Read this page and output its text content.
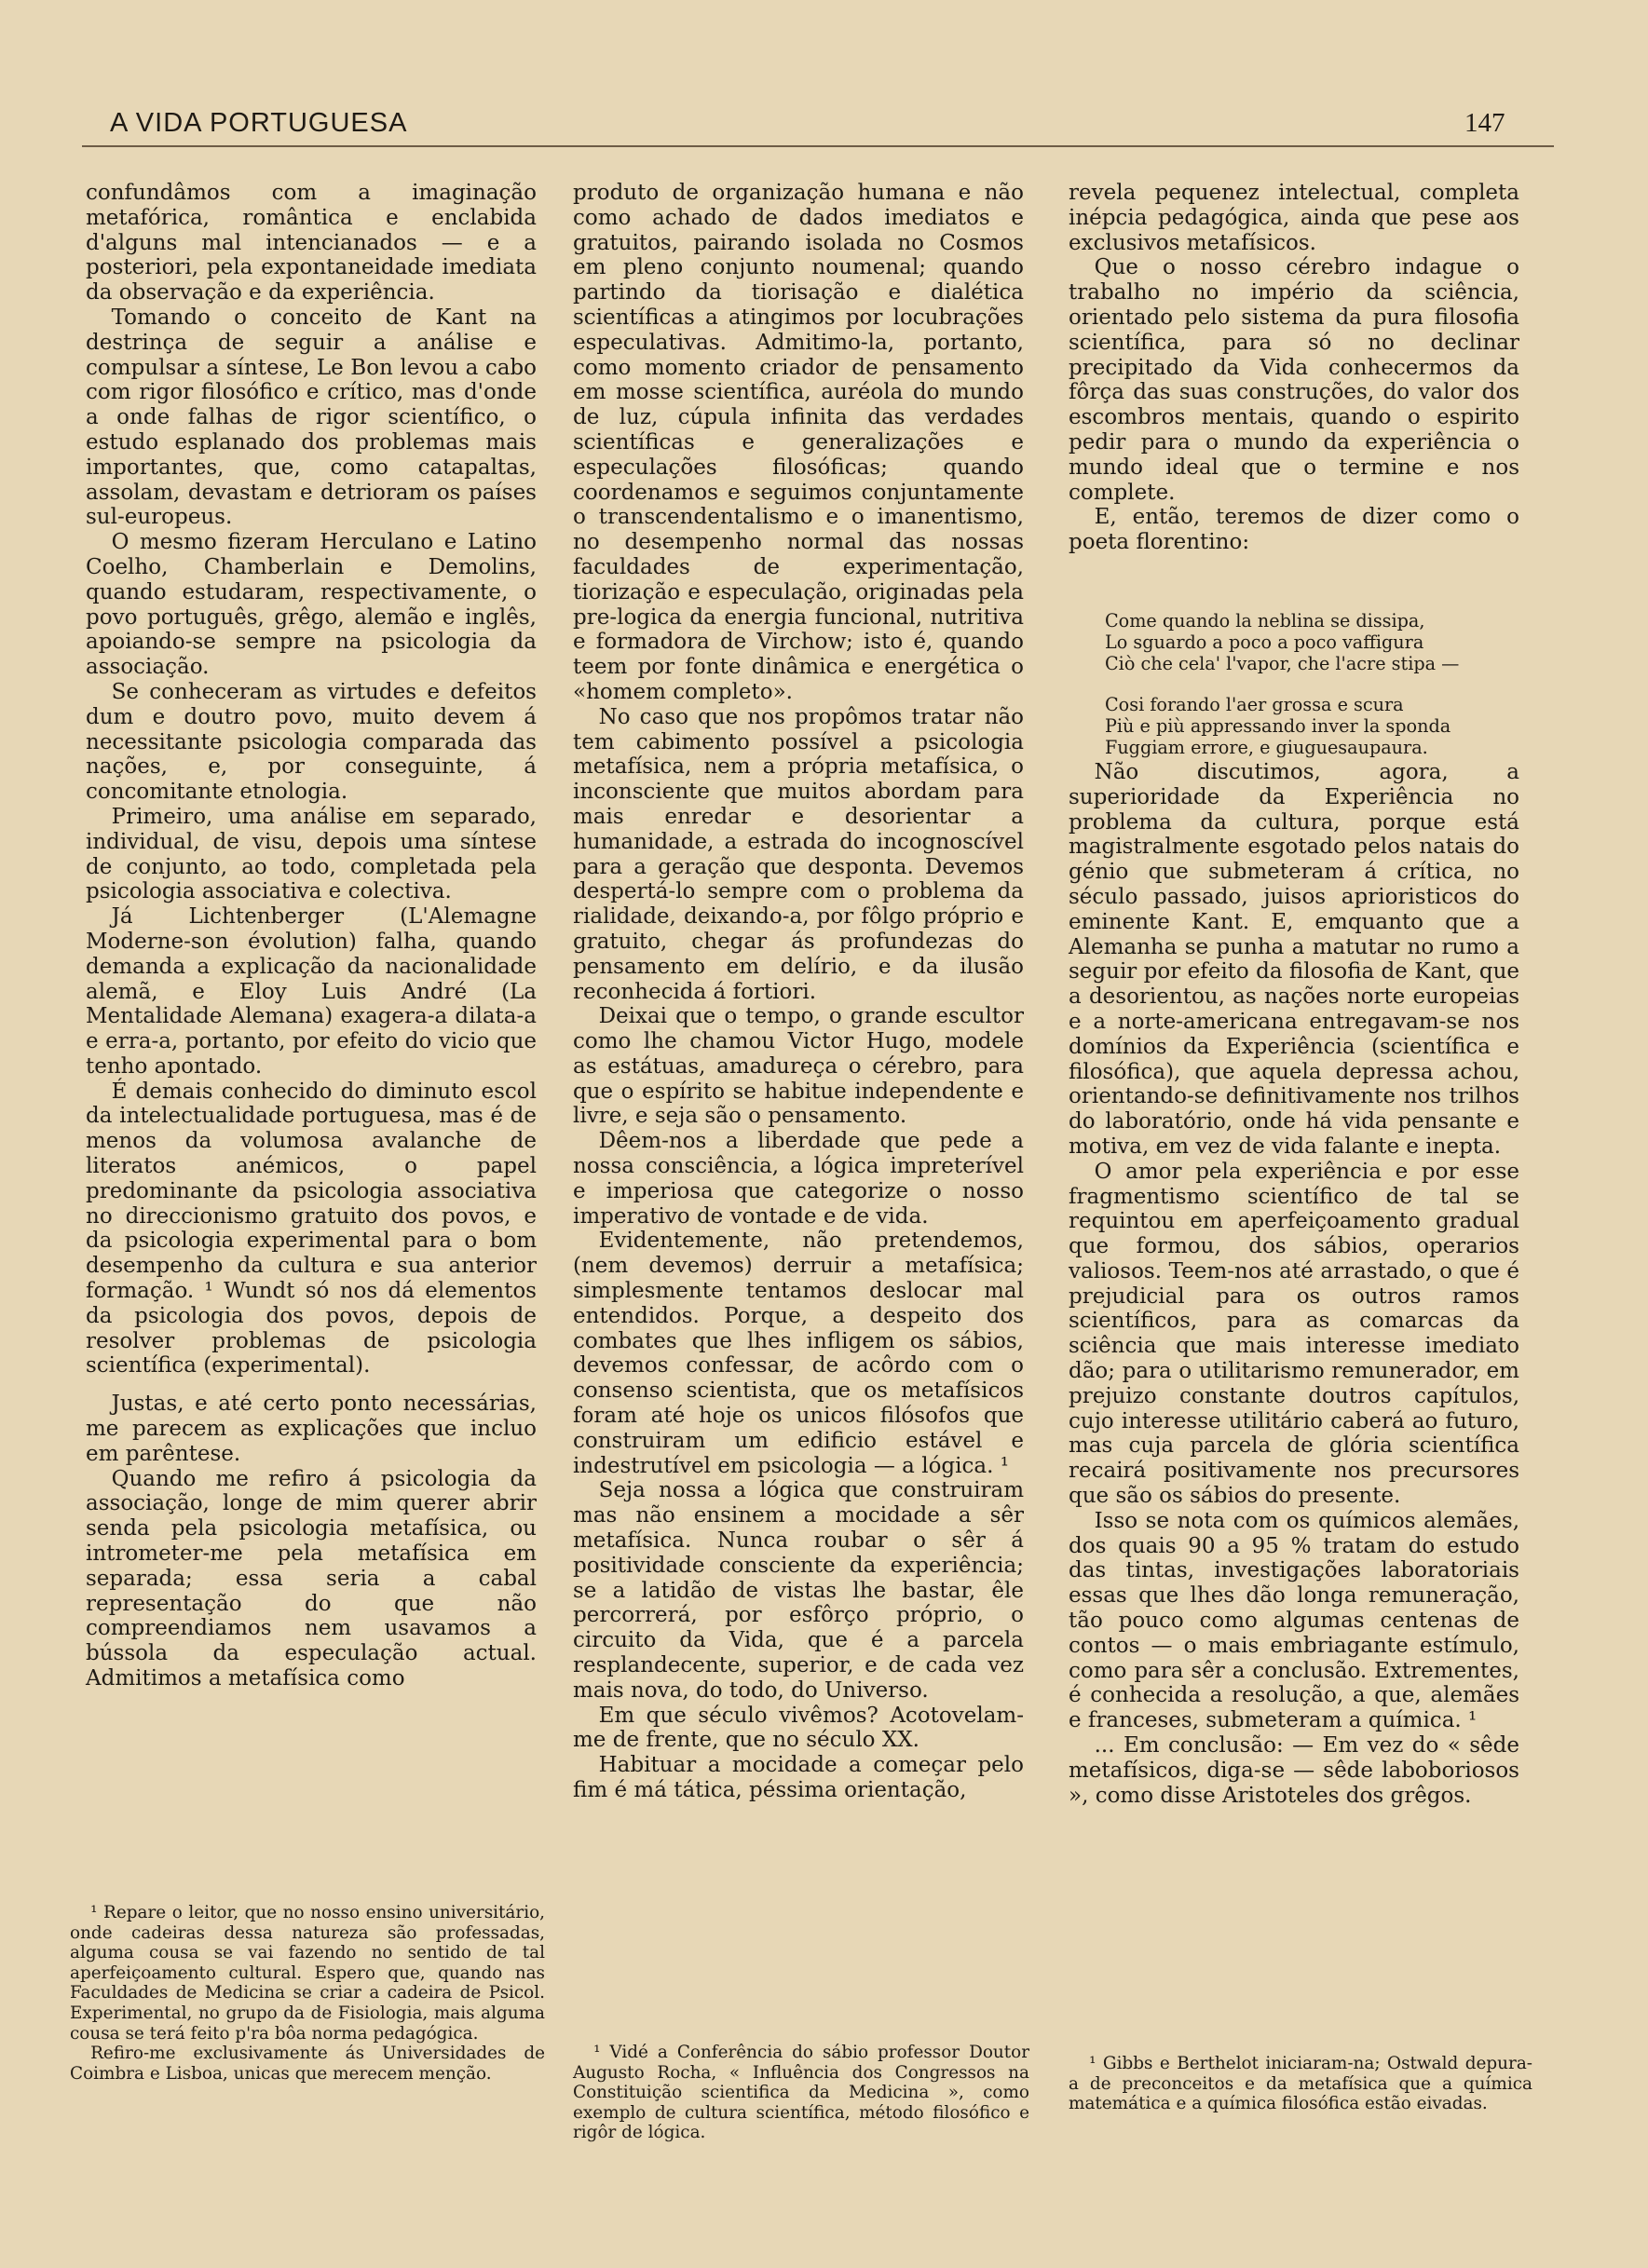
A VIDA PORTUGUESA	147

confundâmos com a imaginação metafórica, romântica e enclabida d'alguns mal intencianados — e a posteriori, pela expontaneidade imediata da observação e da experiência.

Tomando o conceito de Kant na destrinça de seguir a análise e compulsar a síntese, Le Bon levou a cabo com rigor filosófico e crítico, mas d'onde a onde falhas de rigor scientífico, o estudo esplanado dos problemas mais importantes, que, como catapaltas, assolam, devastam e detrioram os países sul-europeus.

O mesmo fizeram Herculano e Latino Coelho, Chamberlain e Demolins, quando estudaram, respectivamente, o povo português, grêgo, alemão e inglês, apoiando-se sempre na psicologia da associação.

Se conheceram as virtudes e defeitos dum e doutro povo, muito devem á necessitante psicologia comparada das nações, e, por conseguinte, á concomitante etnologia.

Primeiro, uma análise em separado, individual, de visu, depois uma síntese de conjunto, ao todo, completada pela psicologia associativa e colectiva.

Já Lichtenberger (L'Alemagne Moderne-son évolution) falha, quando demanda a explicação da nacionalidade alemã, e Eloy Luis André (La Mentalidade Alemana) exagera-a dilata-a e erra-a, portanto, por efeito do vicio que tenho apontado.

É demais conhecido do diminuto escol da intelectualidade portuguesa, mas é de menos da volumosa avalanche de literatos anémicos, o papel predominante da psicologia associativa no direccionismo gratuito dos povos, e da psicologia experimental para o bom desempenho da cultura e sua anterior formação. ¹ Wundt só nos dá elementos da psicologia dos povos, depois de resolver problemas de psicologia scientífica (experimental).

Justas, e até certo ponto necessárias, me parecem as explicações que incluo em parêntese.

Quando me refiro á psicologia da associação, longe de mim querer abrir senda pela psicologia metafísica, ou intrometer-me pela metafísica em separada; essa seria a cabal representação do que não compreendiamos nem usavamos a bússola da especulação actual. Admitimos a metafísica como

¹ Repare o leitor, que no nosso ensino universitário, onde cadeiras dessa natureza são professadas, alguma cousa se vai fazendo no sentido de tal aperfeiçoamento cultural. Espero que, quando nas Faculdades de Medicina se criar a cadeira de Psicol. Experimental, no grupo da de Fisiologia, mais alguma cousa se terá feito p'ra bôa norma pedagógica.

Refiro-me exclusivamente ás Universidades de Coimbra e Lisboa, unicas que merecem menção.

produto de organização humana e não como achado de dados imediatos e gratuitos, pairando isolada no Cosmos em pleno conjunto noumenal; quando partindo da tiorisação e dialética scientíficas a atingimos por locubrações especulativas. Admitimo-la, portanto, como momento criador de pensamento em mosse scientífica, auréola do mundo de luz, cúpula infinita das verdades scientíficas e generalizações e especulações filosóficas; quando coordenamos e seguimos conjuntamente o transcendentalismo e o imanentismo, no desempenho normal das nossas faculdades de experimentação, tiorização e especulação, originadas pela pre-logica da energia funcional, nutritiva e formadora de Virchow; isto é, quando teem por fonte dinâmica e energética o «homem completo».

No caso que nos propômos tratar não tem cabimento possível a psicologia metafísica, nem a própria metafísica, o inconsciente que muitos abordam para mais enredar e desorientar a humanidade, a estrada do incognoscível para a geração que desponta. Devemos despertá-lo sempre com o problema da rialidade, deixando-a, por fôlgo próprio e gratuito, chegar ás profundezas do pensamento em delírio, e da ilusão reconhecida á fortiori.

Deixai que o tempo, o grande escultor como lhe chamou Victor Hugo, modele as estátuas, amadureça o cérebro, para que o espírito se habitue independente e livre, e seja são o pensamento.

Dêem-nos a liberdade que pede a nossa consciência, a lógica impreterível e imperiosa que categorize o nosso imperativo de vontade e de vida.

Evidentemente, não pretendemos, (nem devemos) derruir a metafísica; simplesmente tentamos deslocar mal entendidos. Porque, a despeito dos combates que lhes infligem os sábios, devemos confessar, de acôrdo com o consenso scientista, que os metafísicos foram até hoje os unicos filósofos que construiram um edificio estável e indestrutível em psicologia — a lógica. ¹

Seja nossa a lógica que construiram mas não ensinem a mocidade a sêr metafísica. Nunca roubar o sêr á positividade consciente da experiência; se a latidão de vistas lhe bastar, êle percorrerá, por esfôrço próprio, o circuito da Vida, que é a parcela resplandecente, superior, e de cada vez mais nova, do todo, do Universo.

Em que século vivêmos? Acotovelam-me de frente, que no século XX.

Habituar a mocidade a começar pelo fim é má tática, péssima orientação,

¹ Vidé a Conferência do sábio professor Doutor Augusto Rocha, « Influência dos Congressos na Constituição scientifica da Medicina », como exemplo de cultura scientífica, método filosófico e rigôr de lógica.

revela pequenez intelectual, completa inépcia pedagógica, ainda que pese aos exclusivos metafísicos.

Que o nosso cérebro indague o trabalho no império da sciência, orientado pelo sistema da pura filosofia scientífica, para só no declinar precipitado da Vida conhecermos da fôrça das suas construções, do valor dos escombros mentais, quando o espirito pedir para o mundo da experiência o mundo ideal que o termine e nos complete.

E, então, teremos de dizer como o poeta florentino:

Não discutimos, agora, a superioridade da Experiência no problema da cultura, porque está magistralmente esgotado pelos natais do génio que submeteram á crítica, no século passado, juisos aprioristicos do eminente Kant. E, emquanto que a Alemanha se punha a matutar no rumo a seguir por efeito da filosofia de Kant, que a desorientou, as nações norte europeias e a norte-americana entregavam-se nos domínios da Experiência (scientífica e filosófica), que aquela depressa achou, orientando-se definitivamente nos trilhos do laboratório, onde há vida pensante e motiva, em vez de vida falante e inepta.

O amor pela experiência e por esse fragmentismo scientífico de tal se requintou em aperfeiçoamento gradual que formou, dos sábios, operarios valiosos. Teem-nos até arrastado, o que é prejudicial para os outros ramos scientíficos, para as comarcas da sciência que mais interesse imediato dão; para o utilitarismo remunerador, em prejuizo constante doutros capítulos, cujo interesse utilitário caberá ao futuro, mas cuja parcela de glória scientífica recairá positivamente nos precursores que são os sábios do presente.

Isso se nota com os químicos alemães, dos quais 90 a 95 % tratam do estudo das tintas, investigações laboratoriais essas que lhes dão longa remuneração, tão pouco como algumas centenas de contos — o mais embriagante estímulo, como para sêr a conclusão. Extrementes, é conhecida a resolução, a que, alemães e franceses, submeteram a química. ¹

... Em conclusão: — Em vez do « sêde metafísicos, diga-se — sêde laboboriosos », como disse Aristoteles dos grêgos.

Come quando la neblina se dissipa,
Lo sguardo a poco a poco vaffigura
Ciò che cela' l'vapor, che l'acre stipa —
Cosi forando l'aer grossa e scura
Più e più appressando inver la sponda
Fuggiam errore, e giuguesaupaura.

¹ Gibbs e Berthelot iniciaram-na; Ostwald depura-a de preconceitos e da metafísica que a química matemática e a química filosófica estão eivadas.
